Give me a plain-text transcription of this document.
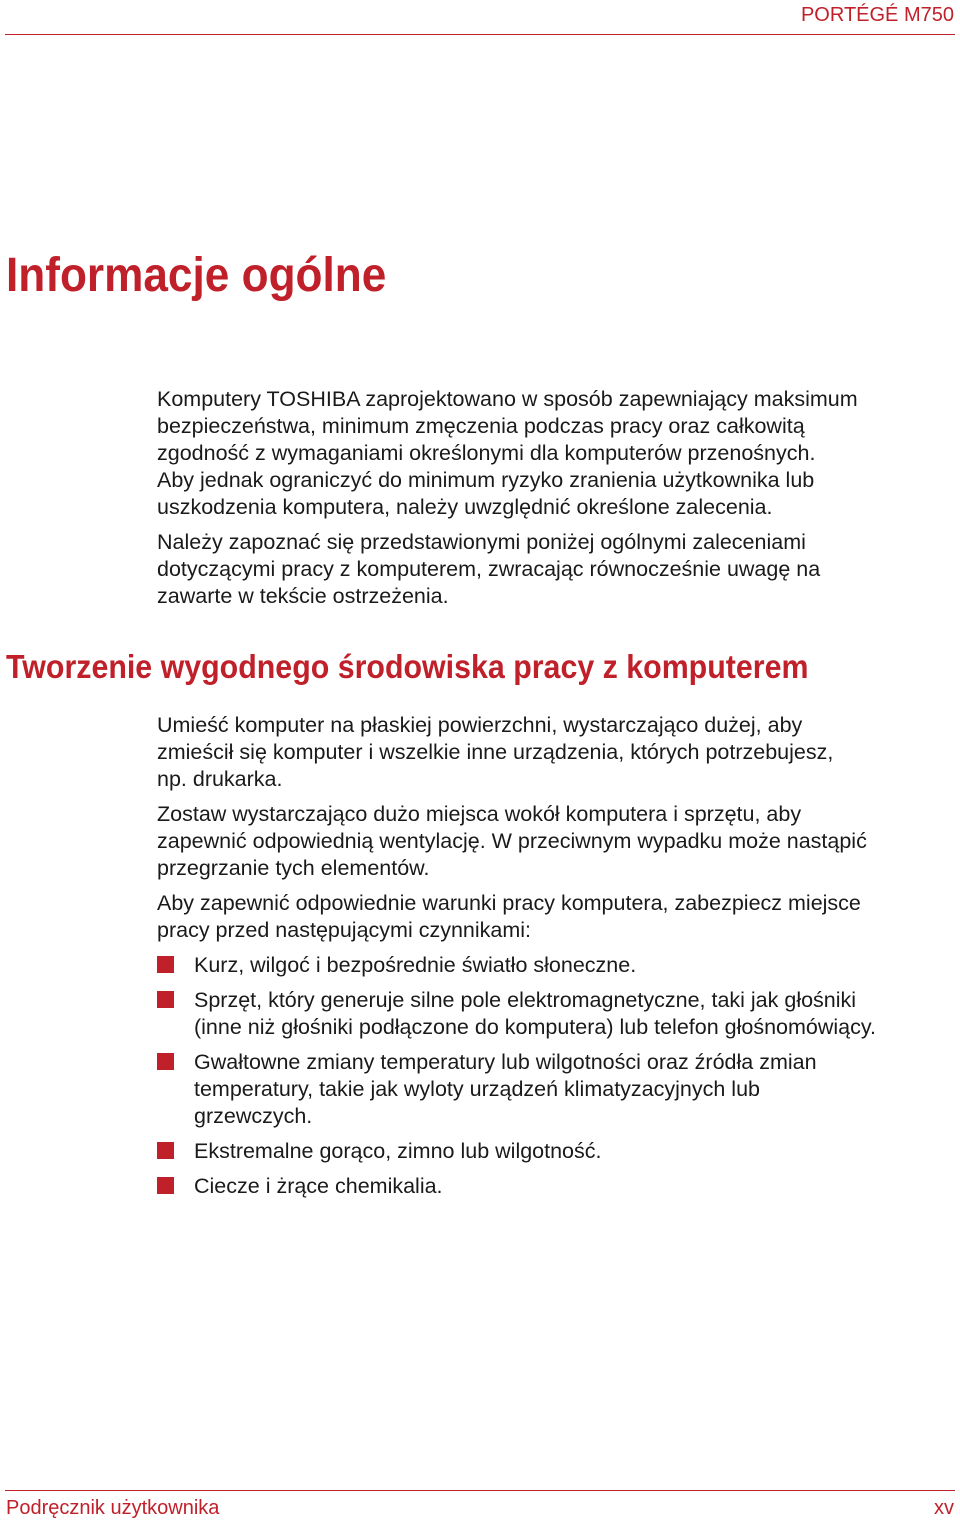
PORTÉGÉ M750
Informacje ogólne

Komputery TOSHIBA zaprojektowano w sposób zapewniający maksimum
bezpieczeństwa, minimum zmęczenia podczas pracy oraz całkowitą
zgodność z wymaganiami określonymi dla komputerów przenośnych.
Aby jednak ograniczyć do minimum ryzyko zranienia użytkownika lub
uszkodzenia komputera, należy uwzględnić określone zalecenia.

Należy zapoznać się przedstawionymi poniżej ogólnymi zaleceniami
dotyczącymi pracy z komputerem, zwracając równocześnie uwagę na
zawarte w tekście ostrzeżenia.

Tworzenie wygodnego środowiska pracy z komputerem

Umieść komputer na płaskiej powierzchni, wystarczająco dużej, aby
zmieścił się komputer i wszelkie inne urządzenia, których potrzebujesz,
np. drukarka.

Zostaw wystarczająco dużo miejsca wokół komputera i sprzętu, aby
zapewnić odpowiednią wentylację. W przeciwnym wypadku może nastąpić
przegrzanie tych elementów.

Aby zapewnić odpowiednie warunki pracy komputera, zabezpiecz miejsce
pracy przed następującymi czynnikami:

Kurz, wilgoć i bezpośrednie światło słoneczne.
Sprzęt, który generuje silne pole elektromagnetyczne, taki jak głośniki
(inne niż głośniki podłączone do komputera) lub telefon głośnomówiący.
Gwałtowne zmiany temperatury lub wilgotności oraz źródła zmian
temperatury, takie jak wyloty urządzeń klimatyzacyjnych lub
grzewczych.
Ekstremalne gorąco, zimno lub wilgotność.
Ciecze i żrące chemikalia.
Podręcznik użytkownika	xv
